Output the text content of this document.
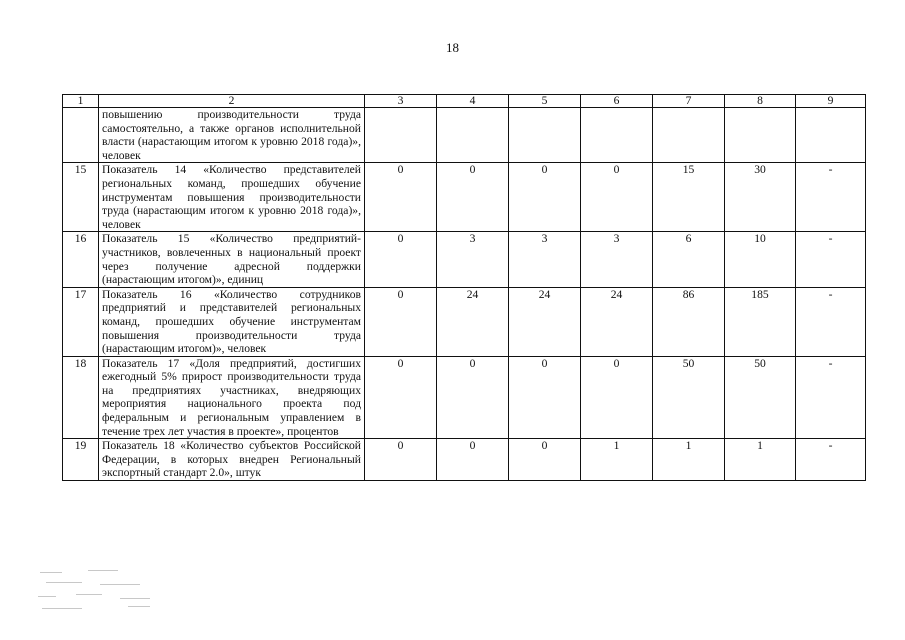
18
1	2	3	4	5	6	7	8	9
	повышению производительности труда самостоятельно, а также органов исполнительной власти (нарастающим итогом к уровню 2018 года)», человек							
15	Показатель 14 «Количество представителей региональных команд, прошедших обучение инструментам повышения производительности труда (нарастающим итогом к уровню 2018 года)», человек	0	0	0	0	15	30	-
16	Показатель 15 «Количество предприятий-участников, вовлеченных в национальный проект через получение адресной поддержки (нарастающим итогом)», единиц	0	3	3	3	6	10	-
17	Показатель 16 «Количество сотрудников предприятий и представителей региональных команд, прошедших обучение инструментам повышения производительности труда (нарастающим итогом)», человек	0	24	24	24	86	185	-
18	Показатель 17 «Доля предприятий, достигших ежегодный 5% прирост производительности труда на предприятиях участниках, внедряющих мероприятия национального проекта под федеральным и региональным управлением в течение трех лет участия в проекте», процентов	0	0	0	0	50	50	-
19	Показатель 18 «Количество субъектов Российской Федерации, в которых внедрен Региональный экспортный стандарт 2.0», штук	0	0	0	1	1	1	-
